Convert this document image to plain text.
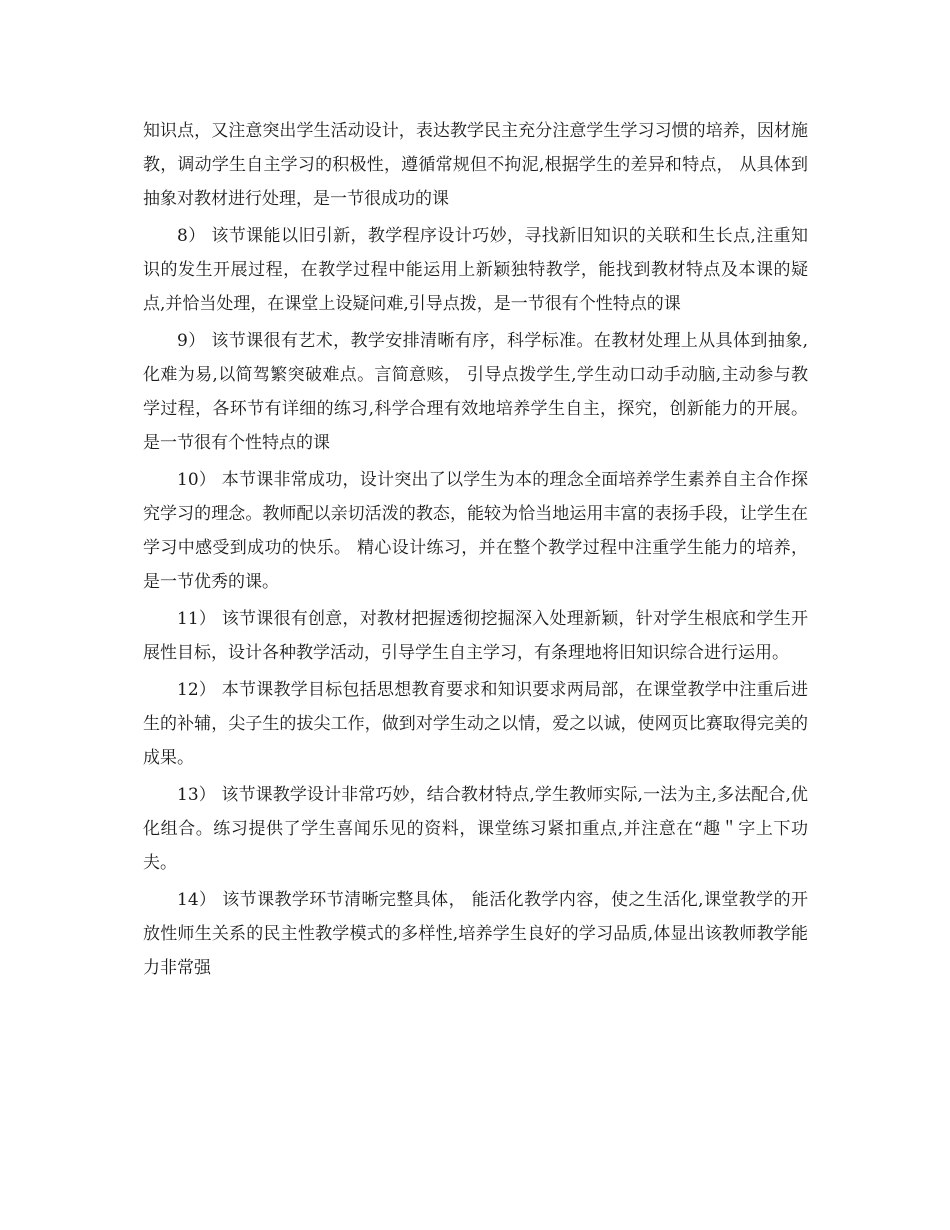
知识点，又注意突出学生活动设计，表达教学民主充分注意学生学习习惯的培养，因材施教，调动学生自主学习的积极性，遵循常规但不拘泥,根据学生的差异和特点， 从具体到抽象对教材进行处理，是一节很成功的课

8） 该节课能以旧引新，教学程序设计巧妙，寻找新旧知识的关联和生长点,注重知识的发生开展过程，在教学过程中能运用上新颖独特教学，能找到教材特点及本课的疑点,并恰当处理，在课堂上设疑问难,引导点拨，是一节很有个性特点的课

9） 该节课很有艺术，教学安排清晰有序，科学标准。在教材处理上从具体到抽象,化难为易,以简驾繁突破难点。言简意赅， 引导点拨学生,学生动口动手动脑,主动参与教学过程，各环节有详细的练习,科学合理有效地培养学生自主，探究，创新能力的开展。是一节很有个性特点的课

10） 本节课非常成功，设计突出了以学生为本的理念全面培养学生素养自主合作探究学习的理念。教师配以亲切活泼的教态，能较为恰当地运用丰富的表扬手段，让学生在学习中感受到成功的快乐。 精心设计练习，并在整个教学过程中注重学生能力的培养，是一节优秀的课。

11） 该节课很有创意，对教材把握透彻挖掘深入处理新颖，针对学生根底和学生开展性目标，设计各种教学活动，引导学生自主学习，有条理地将旧知识综合进行运用。

12） 本节课教学目标包括思想教育要求和知识要求两局部，在课堂教学中注重后进生的补辅，尖子生的拔尖工作，做到对学生动之以情，爱之以诚，使网页比赛取得完美的成果。

13） 该节课教学设计非常巧妙，结合教材特点,学生教师实际,一法为主,多法配合,优化组合。练习提供了学生喜闻乐见的资料，课堂练习紧扣重点,并注意在“趣＂字上下功夫。

14） 该节课教学环节清晰完整具体， 能活化教学内容，使之生活化,课堂教学的开放性师生关系的民主性教学模式的多样性,培养学生良好的学习品质,体显出该教师教学能力非常强
